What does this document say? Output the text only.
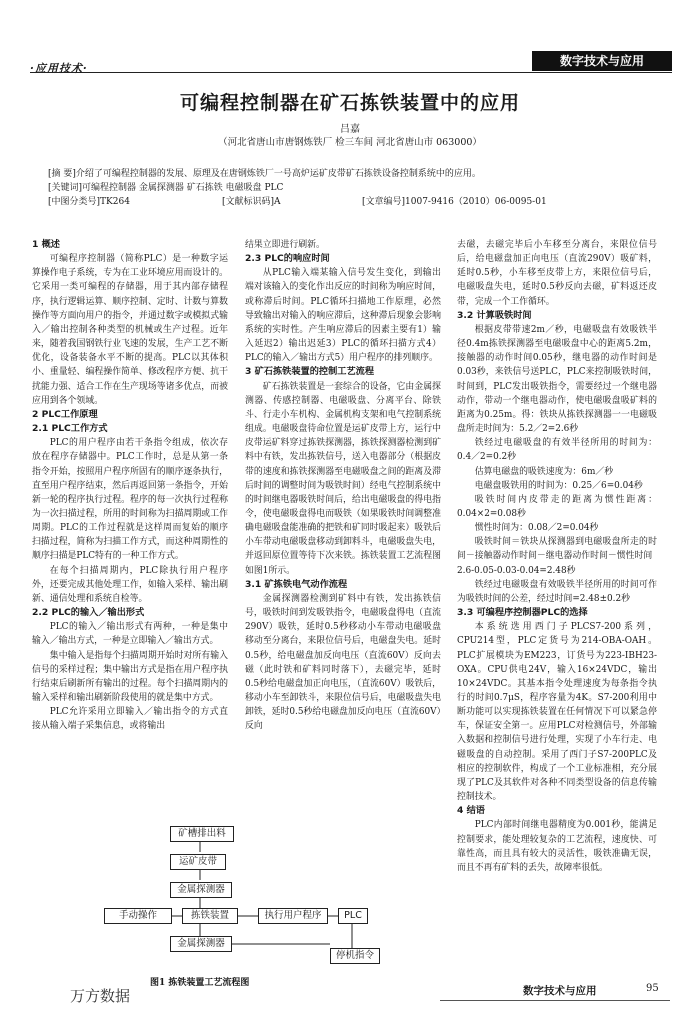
·应用技术·
数字技术与应用
可编程控制器在矿石拣铁装置中的应用
吕嘉
（河北省唐山市唐钢炼铁厂 检三车间 河北省唐山市 063000）
[摘 要]介绍了可编程控制器的发展、原理及在唐钢炼铁厂一号高炉运矿皮带矿石拣铁设备控制系统中的应用。
[关键词]可编程控制器 金属探测器 矿石拣铁 电磁吸盘 PLC
[中图分类号]TK264	[文献标识码]A	[文章编号]1007-9416（2010）06-0095-01
1 概述

可编程序控制器（简称PLC）是一种数字运算操作电子系统，专为在工业环境应用而设计的。它采用一类可编程的存储器，用于其内部存储程序，执行逻辑运算、顺序控制、定时、计数与算数操作等方面向用户的指令，并通过数字或模拟式输入／输出控制各种类型的机械或生产过程。近年来，随着我国钢铁行业飞速的发展，生产工艺不断优化，设备装备水平不断的提高。PLC以其体积小、重量轻、编程操作简单、修改程序方便、抗干扰能力强、适合工作在生产现场等诸多优点，而被应用到各个领域。

2 PLC工作原理
2.1 PLC工作方式

PLC的用户程序由若干条指令组成，依次存放在程序存储器中。PLC工作时，总是从第一条指令开始，按照用户程序所固有的顺序逐条执行，直至用户程序结束，然后再返回第一条指令，开始新一轮的程序执行过程。程序的每一次执行过程称为一次扫描过程，所用的时间称为扫描周期或工作周期。PLC的工作过程就是这样周而复始的顺序扫描过程，简称为扫描工作方式，而这种周期性的顺序扫描是PLC特有的一种工作方式。

在每个扫描周期内，PLC除执行用户程序外，还要完成其他处理工作，如输入采样、输出刷新、通信处理和系统自检等。

2.2 PLC的输入／输出形式

PLC的输入／输出形式有两种，一种是集中输入／输出方式，一种是立即输入／输出方式。

集中输入是指每个扫描周期开始时对所有输入信号的采样过程；集中输出方式是指在用户程序执行结束后刷新所有输出的过程。每个扫描周期内的输入采样和输出刷新阶段使用的就是集中方式。

PLC允许采用立即输入／输出指令的方式直接从输入端子采集信息，或将输出

结果立即进行刷新。

2.3 PLC的响应时间

从PLC输入端某输入信号发生变化，到输出端对该输入的变化作出反应的时间称为响应时间，或称滞后时间。PLC循环扫描地工作原理，必然导致输出对输入的响应滞后，这种滞后现象会影响系统的实时性。产生响应滞后的因素主要有1）输入延迟2）输出迟延3）PLC的循环扫描方式4）PLC的输入／输出方式5）用户程序的排列顺序。

3 矿石拣铁装置的控制工艺流程

矿石拣铁装置是一套综合的设备，它由金属探测器、传感控制器、电磁吸盘、分离平台、除铁斗、行走小车机构、金属机构支架和电气控制系统组成。电磁吸盘待命位置是运矿皮带上方，运行中皮带运矿料穿过拣铁探测器，拣铁探测器检测到矿料中有铁，发出拣铁信号，送入电器部分（根据皮带的速度和拣铁探测器至电磁吸盘之间的距离及滞后时间的调整时间为吸铁时间）经电气控制系统中的时间继电器吸铁时间后，给出电磁吸盘的得电指令，使电磁吸盘得电而吸铁（如果吸铁时间调整准确电磁吸盘能准确的把铁和矿同时吸起来）吸铁后小车带动电磁吸盘移动到卸料斗，电磁吸盘失电，并返回原位置等待下次来铁。拣铁装置工艺流程图如图1所示。

3.1 矿拣铁电气动作流程

金属探测器检测到矿料中有铁，发出拣铁信号，吸铁时间到发吸铁指令，电磁吸盘得电（直流290V）吸铁，延时0.5秒移动小车带动电磁吸盘移动至分离台，来限位信号后，电磁盘失电。延时0.5秒，给电磁盘加反向电压（直流60V）反向去磁（此时铁和矿料同时落下），去磁完毕，延时0.5秒给电磁盘加正向电压，（直流60V）吸铁后，移动小车至卸铁斗，来限位信号后，电磁吸盘失电卸铁，延时0.5秒给电磁盘加反向电压（直流60V）反向

去磁，去磁完毕后小车移至分离台，来限位信号后，给电磁盘加正向电压（直流290V）吸矿料，延时0.5秒，小车移至皮带上方，来限位信号后，电磁吸盘失电，延时0.5秒反向去磁，矿料返还皮带，完成一个工作循环。

3.2 计算吸铁时间

根据皮带带速2m／秒，电磁吸盘有效吸铁半径0.4m拣铁探测器至电磁吸盘中心的距离5.2m，接触器的动作时间0.05秒，继电器的动作时间是0.03秒，来铁信号送PLC，PLC来控制吸铁时间，时间到，PLC发出吸铁指令，需要经过一个继电器动作，带动一个继电器动作，使电磁吸盘吸矿料的距离为0.25m。得：铁块从拣铁探测器一一电磁吸盘所走时间为：5.2／2=2.6秒

铁经过电磁吸盘的有效半径所用的时间为：0.4／2=0.2秒

估算电磁盘的吸铁速度为：6m／秒

电磁盘吸铁用的时间为：0.25／6=0.04秒

吸铁时间内皮带走的距离为惯性距离：0.04×2=0.08秒

惯性时间为：0.08／2=0.04秒

吸铁时间＝铁块从探测器到电磁吸盘所走的时间－接触器动作时间－继电器动作时间－惯性时间

2.6-0.05-0.03-0.04=2.48秒

铁经过电磁吸盘有效吸铁半径所用的时间可作为吸铁时间的公差，经过时间=2.48±0.2秒

3.3 可编程序控制器PLC的选择

本系统选用西门子PLCS7-200系列，CPU214型，PLC定货号为214-OBA-OAH。PLC扩展模块为EM223，订货号为223-IBH23-OXA。CPU供电24V，输入16×24VDC，输出10×24VDC。其基本指令处理速度为每条指令执行的时间0.7μS，程序容量为4K。S7-200利用中断功能可以实现拣铁装置在任何情况下可以紧急停车，保证安全第一。应用PLC对检测信号，外部输入数据和控制信号进行处理，实现了小车行走、电磁吸盘的自动控制。采用了西门子S7-200PLC及相应的控制软件，构成了一个工业标准相，充分展现了PLC及其软件对各种不同类型设备的信息传输控制技术。

4 结语

PLC内部时间继电器精度为0.001秒，能满足控制要求，能处理较复杂的工艺流程，速度快、可靠性高，而且具有较大的灵活性，吸铁准确无误，而且不再有矿料的丢失，故障率很低。

矿槽排出料
运矿皮带
金属探测器
手动操作	拣铁装置	执行用户程序	PLC
金属探测器
停机指令
图1 拣铁装置工艺流程图
万方数据	数字技术与应用	95
